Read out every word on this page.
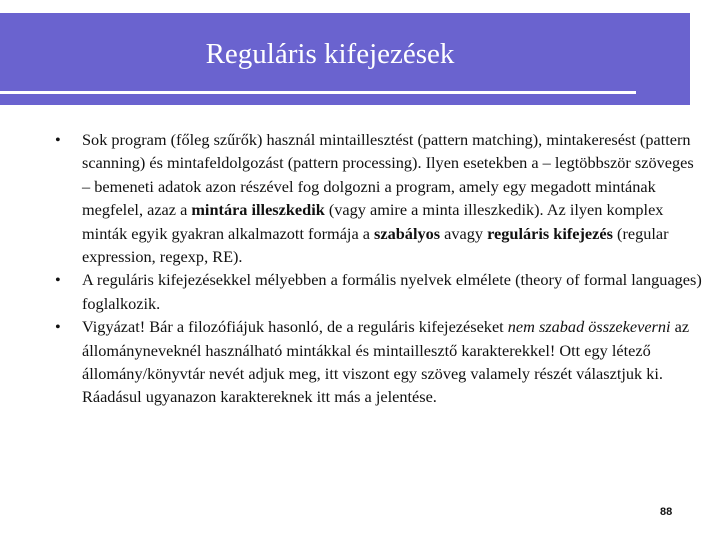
Reguláris kifejezések
• Sok program (főleg szűrők) használ mintaillesztést (pattern matching), mintakeresést (pattern scanning) és mintafeldolgozást (pattern processing). Ilyen esetekben a – legtöbbször szöveges – bemeneti adatok azon részével fog dolgozni a program, amely egy megadott mintának megfelel, azaz a mintára illeszkedik (vagy amire a minta illeszkedik). Az ilyen komplex minták egyik gyakran alkalmazott formája a szabályos avagy reguláris kifejezés (regular expression, regexp, RE).
• A reguláris kifejezésekkel mélyebben a formális nyelvek elmélete (theory of formal languages) foglalkozik.
• Vigyázat! Bár a filozófiájuk hasonló, de a reguláris kifejezéseket nem szabad összekeverni az állományneveknél használható mintákkal és mintaillesztő karakterekkel! Ott egy létező állomány/könyvtár nevét adjuk meg, itt viszont egy szöveg valamely részét választjuk ki. Ráadásul ugyanazon karaktereknek itt más a jelentése.
88
